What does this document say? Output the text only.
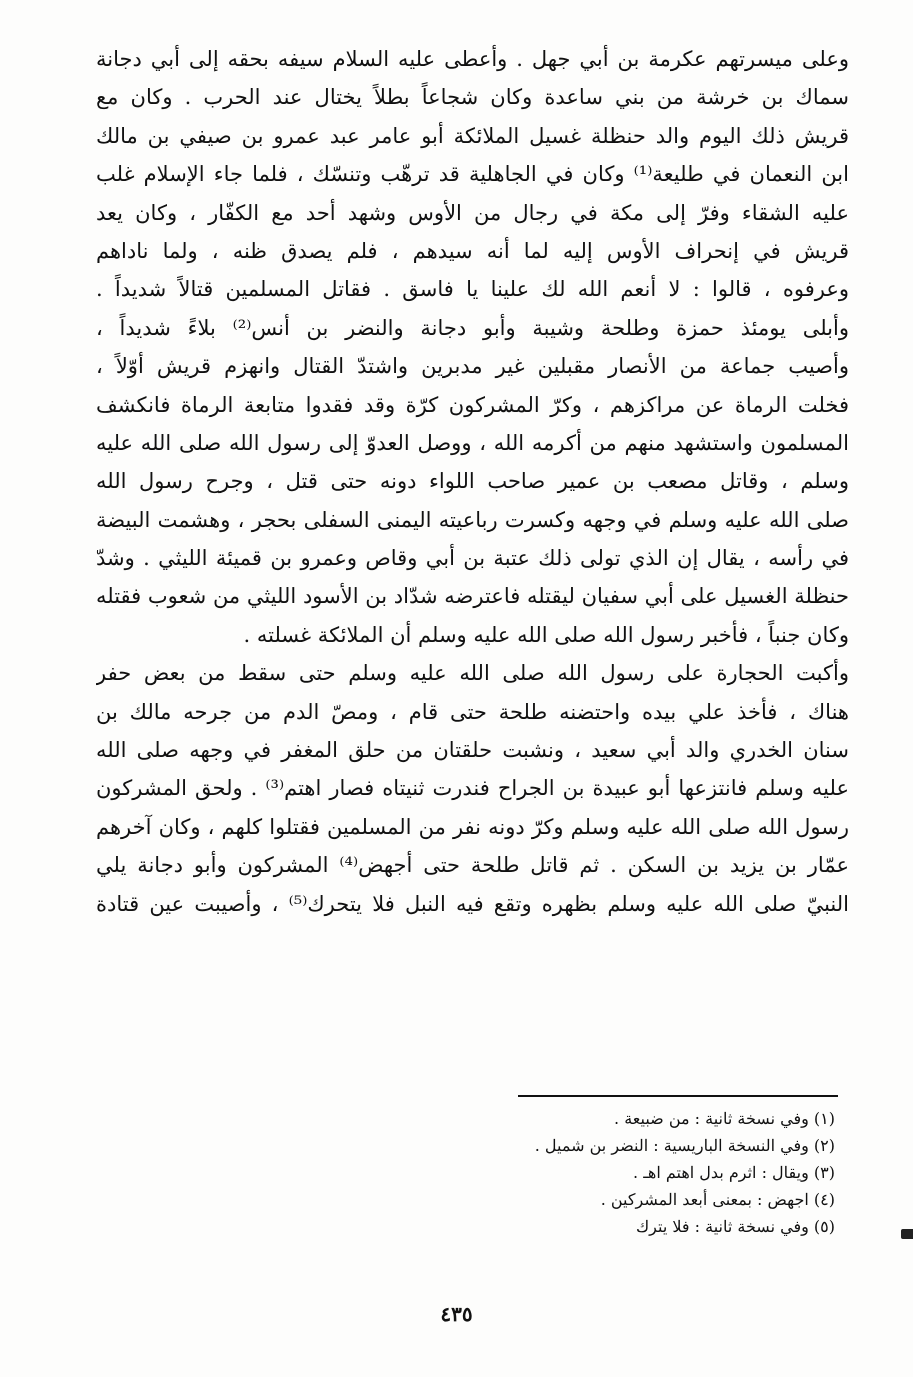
وعلى ميسرتهم عكرمة بن أبي جهل . وأعطى عليه السلام سيفه بحقه إلى أبي دجانة
سماك بن خرشة من بني ساعدة وكان شجاعاً بطلاً يختال عند الحرب . وكان مع
قريش ذلك اليوم والد حنظلة غسيل الملائكة أبو عامر عبد عمرو بن صيفي بن مالك
ابن النعمان في طليعة⁽¹⁾ وكان في الجاهلية قد ترهّب وتنسّك ، فلما جاء الإسلام غلب
عليه الشقاء وفرّ إلى مكة في رجال من الأوس وشهد أحد مع الكفّار ، وكان يعد
قريش في إنحراف الأوس إليه لما أنه سيدهم ، فلم يصدق ظنه ، ولما ناداهم
وعرفوه ، قالوا : لا أنعم الله لك علينا يا فاسق . فقاتل المسلمين قتالاً شديداً .
وأبلى يومئذ حمزة وطلحة وشيبة وأبو دجانة والنضر بن أنس⁽²⁾ بلاءً شديداً ،
وأصيب جماعة من الأنصار مقبلين غير مدبرين واشتدّ القتال وانهزم قريش أوّلاً ،
فخلت الرماة عن مراكزهم ، وكرّ المشركون كرّة وقد فقدوا متابعة الرماة فانكشف
المسلمون واستشهد منهم من أكرمه الله ، ووصل العدوّ إلى رسول الله صلى الله عليه
وسلم ، وقاتل مصعب بن عمير صاحب اللواء دونه حتى قتل ، وجرح رسول الله
صلى الله عليه وسلم في وجهه وكسرت رباعيته اليمنى السفلى بحجر ، وهشمت البيضة
في رأسه ، يقال إن الذي تولى ذلك عتبة بن أبي وقاص وعمرو بن قميئة الليثي . وشدّ
حنظلة الغسيل على أبي سفيان ليقتله فاعترضه شدّاد بن الأسود الليثي من شعوب فقتله
وكان جنباً ، فأخبر رسول الله صلى الله عليه وسلم أن الملائكة غسلته .
وأكبت الحجارة على رسول الله صلى الله عليه وسلم حتى سقط من بعض حفر
هناك ، فأخذ علي بيده واحتضنه طلحة حتى قام ، ومصّ الدم من جرحه مالك بن
سنان الخدري والد أبي سعيد ، ونشبت حلقتان من حلق المغفر في وجهه صلى الله
عليه وسلم فانتزعها أبو عبيدة بن الجراح فندرت ثنيتاه فصار اهتم⁽³⁾ . ولحق المشركون
رسول الله صلى الله عليه وسلم وكرّ دونه نفر من المسلمين فقتلوا كلهم ، وكان آخرهم
عمّار بن يزيد بن السكن . ثم قاتل طلحة حتى أجهض⁽⁴⁾ المشركون وأبو دجانة يلي
النبيّ صلى الله عليه وسلم بظهره وتقع فيه النبل فلا يتحرك⁽⁵⁾ ، وأصيبت عين قتادة
(١) وفي نسخة ثانية : من ضبيعة .
(٢) وفي النسخة الباريسية : النضر بن شميل .
(٣) ويقال : اثرم بدل اهتم اهـ .
(٤) اجهض : بمعنى أبعد المشركين .
(٥) وفي نسخة ثانية : فلا يترك
٤٣٥
